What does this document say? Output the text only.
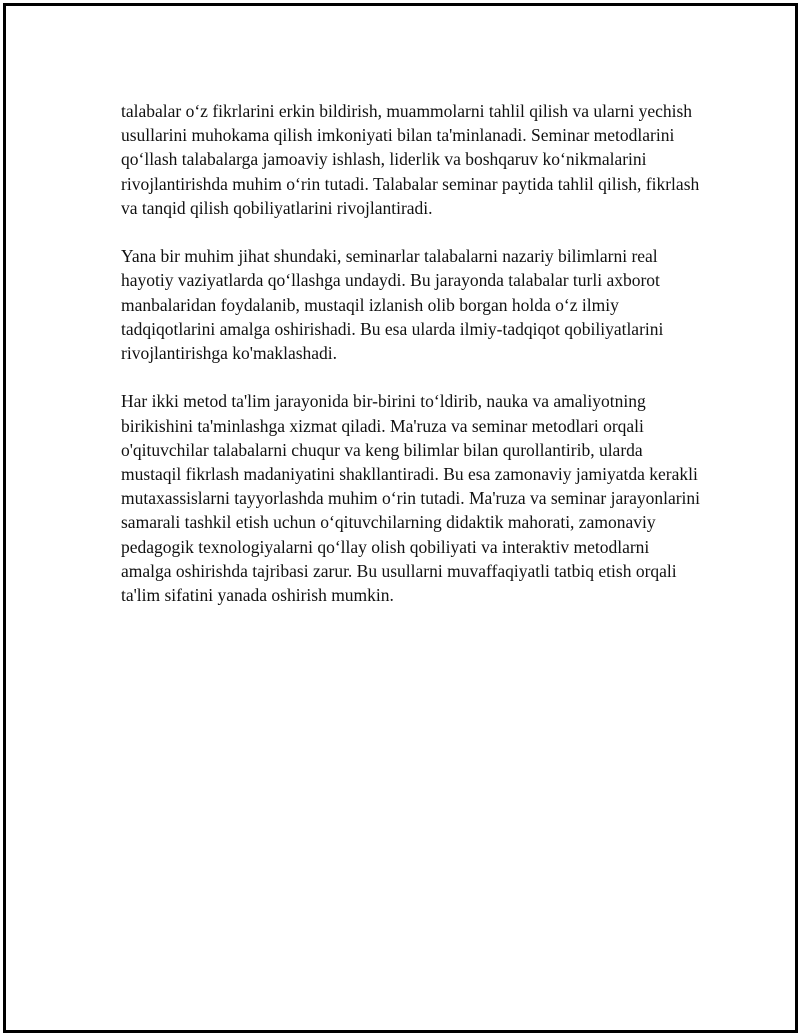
talabalar o‘z fikrlarini erkin bildirish, muammolarni tahlil qilish va ularni yechish usullarini muhokama qilish imkoniyati bilan ta'minlanadi. Seminar metodlarini qo‘llash talabalarga jamoaviy ishlash, liderlik va boshqaruv ko‘nikmalarini rivojlantirishda muhim o‘rin tutadi. Talabalar seminar paytida tahlil qilish, fikrlash va tanqid qilish qobiliyatlarini rivojlantiradi.

Yana bir muhim jihat shundaki, seminarlar talabalarni nazariy bilimlarni real hayotiy vaziyatlarda qo‘llashga undaydi. Bu jarayonda talabalar turli axborot manbalaridan foydalanib, mustaqil izlanish olib borgan holda o‘z ilmiy tadqiqotlarini amalga oshirishadi. Bu esa ularda ilmiy-tadqiqot qobiliyatlarini rivojlantirishga ko'maklashadi.

Har ikki metod ta'lim jarayonida bir-birini to‘ldirib, nauka va amaliyotning birikishini ta'minlashga xizmat qiladi. Ma'ruza va seminar metodlari orqali o'qituvchilar talabalarni chuqur va keng bilimlar bilan qurollantirib, ularda mustaqil fikrlash madaniyatini shakllantiradi. Bu esa zamonaviy jamiyatda kerakli mutaxassislarni tayyorlashda muhim o‘rin tutadi. Ma'ruza va seminar jarayonlarini samarali tashkil etish uchun o‘qituvchilarning didaktik mahorati, zamonaviy pedagogik texnologiyalarni qo‘llay olish qobiliyati va interaktiv metodlarni amalga oshirishda tajribasi zarur. Bu usullarni muvaffaqiyatli tatbiq etish orqali ta'lim sifatini yanada oshirish mumkin.
